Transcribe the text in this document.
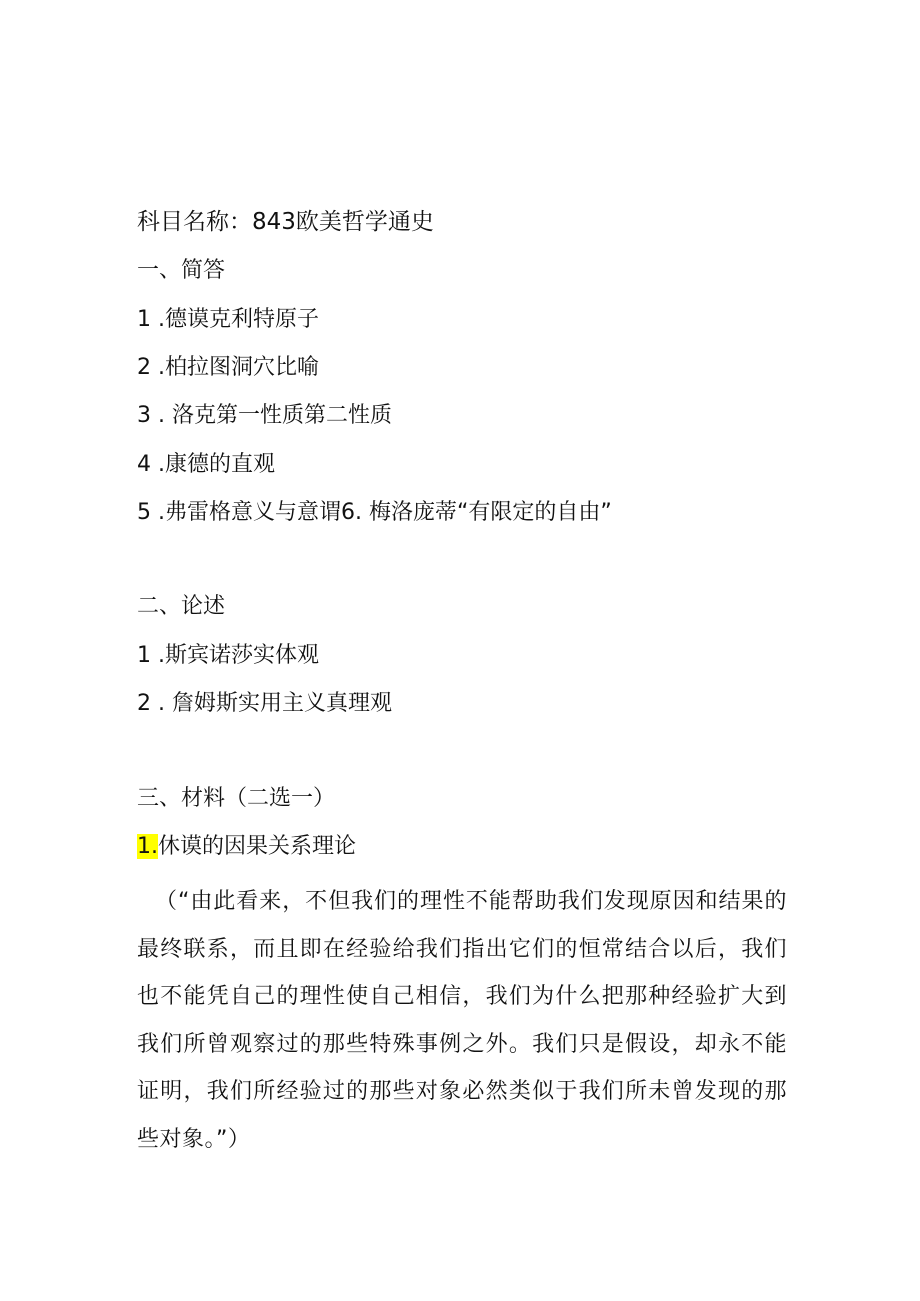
科目名称：843欧美哲学通史
一、简答
1 .德谟克利特原子
2 .柏拉图洞穴比喻
3 . 洛克第一性质第二性质
4 .康德的直观
5 .弗雷格意义与意谓6. 梅洛庞蒂“有限定的自由”
二、论述
1 .斯宾诺莎实体观
2 . 詹姆斯实用主义真理观
三、材料（二选一）
1.休谟的因果关系理论
（“由此看来，不但我们的理性不能帮助我们发现原因和结果的最终联系，而且即在经验给我们指出它们的恒常结合以后，我们也不能凭自己的理性使自己相信，我们为什么把那种经验扩大到我们所曾观察过的那些特殊事例之外。我们只是假设，却永不能证明，我们所经验过的那些对象必然类似于我们所未曾发现的那些对象。”）
